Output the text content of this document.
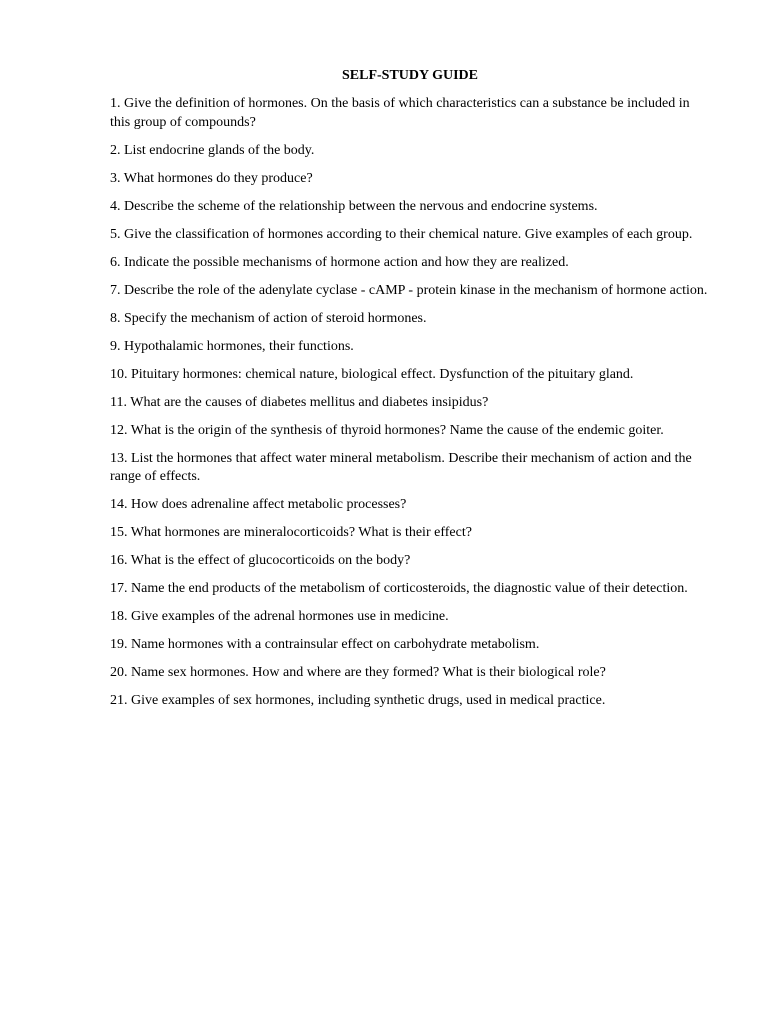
SELF-STUDY GUIDE
1. Give the definition of hormones. On the basis of which characteristics can a substance be included in this group of compounds?
2. List endocrine glands of the body.
3. What hormones do they produce?
4. Describe the scheme of the relationship between the nervous and endocrine systems.
5. Give the classification of hormones according to their chemical nature. Give examples of each group.
6. Indicate the possible mechanisms of hormone action and how they are realized.
7. Describe the role of the adenylate cyclase - cAMP - protein kinase in the mechanism of hormone action.
8. Specify the mechanism of action of steroid hormones.
9. Hypothalamic hormones, their functions.
10. Pituitary hormones: chemical nature, biological effect. Dysfunction of the pituitary gland.
11. What are the causes of diabetes mellitus and diabetes insipidus?
12. What is the origin of the synthesis of thyroid hormones? Name the cause of the endemic goiter.
13. List the hormones that affect water mineral metabolism. Describe their mechanism of action and the range of effects.
14. How does adrenaline affect metabolic processes?
15. What hormones are mineralocorticoids? What is their effect?
16. What is the effect of glucocorticoids on the body?
17. Name the end products of the metabolism of corticosteroids, the diagnostic value of their detection.
18. Give examples of the adrenal hormones use in medicine.
19. Name hormones with a contrainsular effect on carbohydrate metabolism.
20. Name sex hormones. How and where are they formed? What is their biological role?
21. Give examples of sex hormones, including synthetic drugs, used in medical practice.
